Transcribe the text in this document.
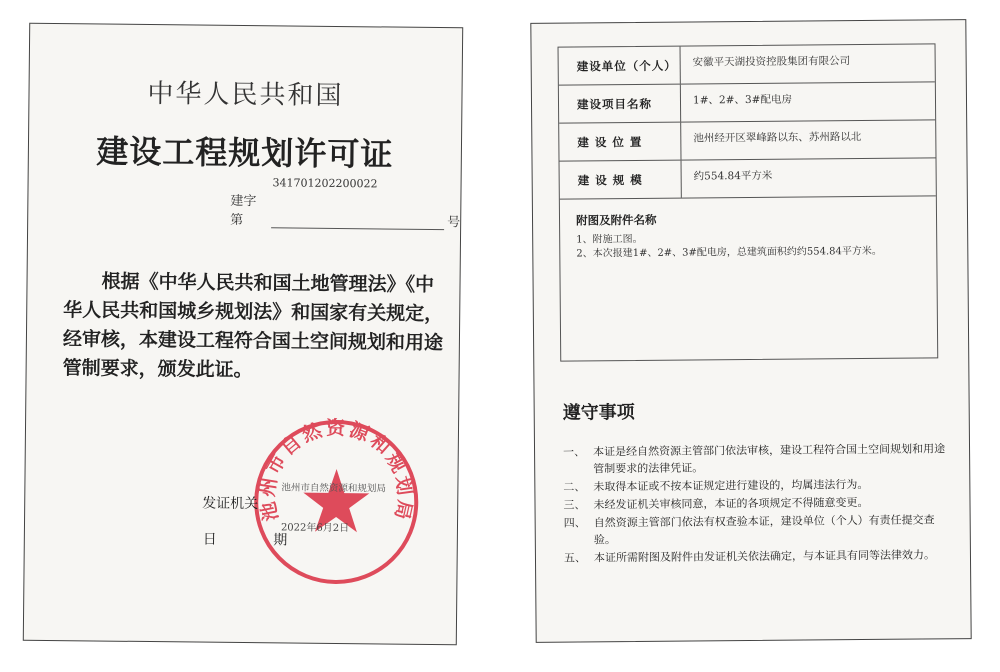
中华人民共和国
建设工程规划许可证
341701202200022
建字第	号
根据《中华人民共和国土地管理法》《中华人民共和国城乡规划法》和国家有关规定，经审核，本建设工程符合国土空间规划和用途管制要求，颁发此证。
池州市自然资源和规划局
池州市自然资源和规划局
发证机关
2022年6月2日
日 期
建设单位（个人）	安徽平天湖投资控股集团有限公司
建设项目名称	1#、2#、3#配电房
建 设 位 置	池州经开区翠峰路以东、苏州路以北
建 设 规 模	约554.84平方米
附图及附件名称
1、附施工图。
2、本次报建1#、2#、3#配电房，总建筑面积约约554.84平方米。
遵守事项
一、 本证是经自然资源主管部门依法审核，建设工程符合国土空间规划和用途管制要求的法律凭证。
二、 未取得本证或不按本证规定进行建设的，均属违法行为。
三、 未经发证机关审核同意，本证的各项规定不得随意变更。
四、 自然资源主管部门依法有权查验本证，建设单位（个人）有责任提交查验。
五、 本证所需附图及附件由发证机关依法确定，与本证具有同等法律效力。
